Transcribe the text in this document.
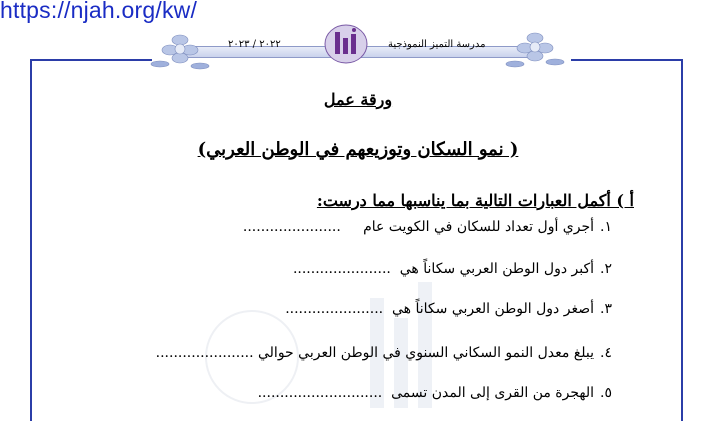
https://njah.org/kw/
٢٠٢٢ / ٢٠٢٣	مدرسة التميز النموذجية
ورقة عمل
( نمو السكان وتوزيعهم في الوطن العربي)
أ ) أكمل العبارات التالية بما يناسبها مما درست:
١.أجري أول تعداد للسكان في الكويت عام     ......................
٢.أكبر دول الوطن العربي سكاناً هي  ......................
٣.أصغر دول الوطن العربي سكاناً هي  ......................
٤.يبلغ معدل النمو السكاني السنوي في الوطن العربي حوالي ......................
٥.الهجرة من القرى إلى المدن تسمى  ............................
